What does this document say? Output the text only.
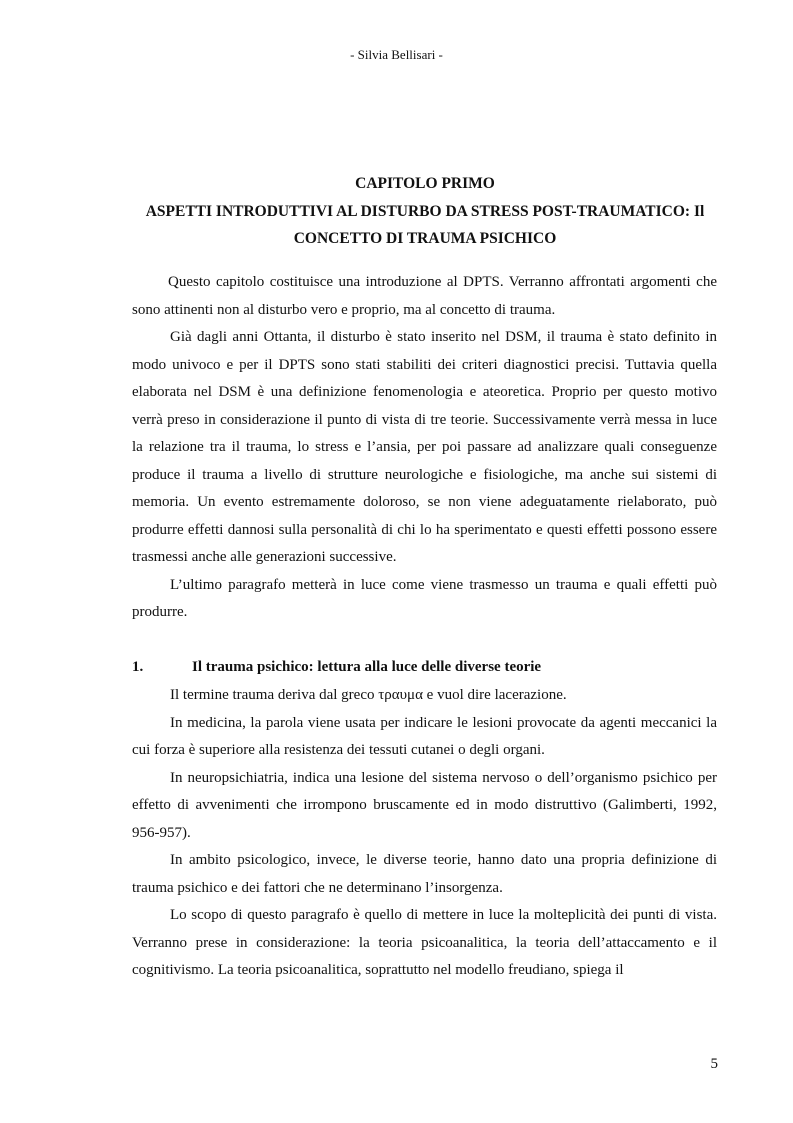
- Silvia Bellisari -
CAPITOLO PRIMO
ASPETTI INTRODUTTIVI AL DISTURBO DA STRESS POST-TRAUMATICO: Il
CONCETTO DI TRAUMA PSICHICO

Questo capitolo costituisce una introduzione al DPTS. Verranno affrontati argomenti che sono attinenti non al disturbo vero e proprio, ma al concetto di trauma.

Già dagli anni Ottanta, il disturbo è stato inserito nel DSM, il trauma è stato definito in modo univoco e per il DPTS sono stati stabiliti dei criteri diagnostici precisi. Tuttavia quella elaborata nel DSM è una definizione fenomenologia e ateoretica. Proprio per questo motivo verrà preso in considerazione il punto di vista di tre teorie. Successivamente verrà messa in luce la relazione tra il trauma, lo stress e l’ansia, per poi passare ad analizzare quali conseguenze produce il trauma a livello di strutture neurologiche e fisiologiche, ma anche sui sistemi di memoria. Un evento estremamente doloroso, se non viene adeguatamente rielaborato, può produrre effetti dannosi sulla personalità di chi lo ha sperimentato e questi effetti possono essere trasmessi anche alle generazioni successive.

L’ultimo paragrafo metterà in luce come viene trasmesso un trauma e quali effetti può produrre.

1.	Il trauma psichico: lettura alla luce delle diverse teorie

Il termine trauma deriva dal greco τραυμα e vuol dire lacerazione.

In medicina, la parola viene usata per indicare le lesioni provocate da agenti meccanici la cui forza è superiore alla resistenza dei tessuti cutanei o degli organi.

In neuropsichiatria, indica una lesione del sistema nervoso o dell’organismo psichico per effetto di avvenimenti che irrompono bruscamente ed in modo distruttivo (Galimberti, 1992, 956-957).

In ambito psicologico, invece, le diverse teorie, hanno dato una propria definizione di trauma psichico e dei fattori che ne determinano l’insorgenza.

Lo scopo di questo paragrafo è quello di mettere in luce la molteplicità dei punti di vista. Verranno prese in considerazione: la teoria psicoanalitica, la teoria dell’attaccamento e il cognitivismo. La teoria psicoanalitica, soprattutto nel modello freudiano, spiega il

5
